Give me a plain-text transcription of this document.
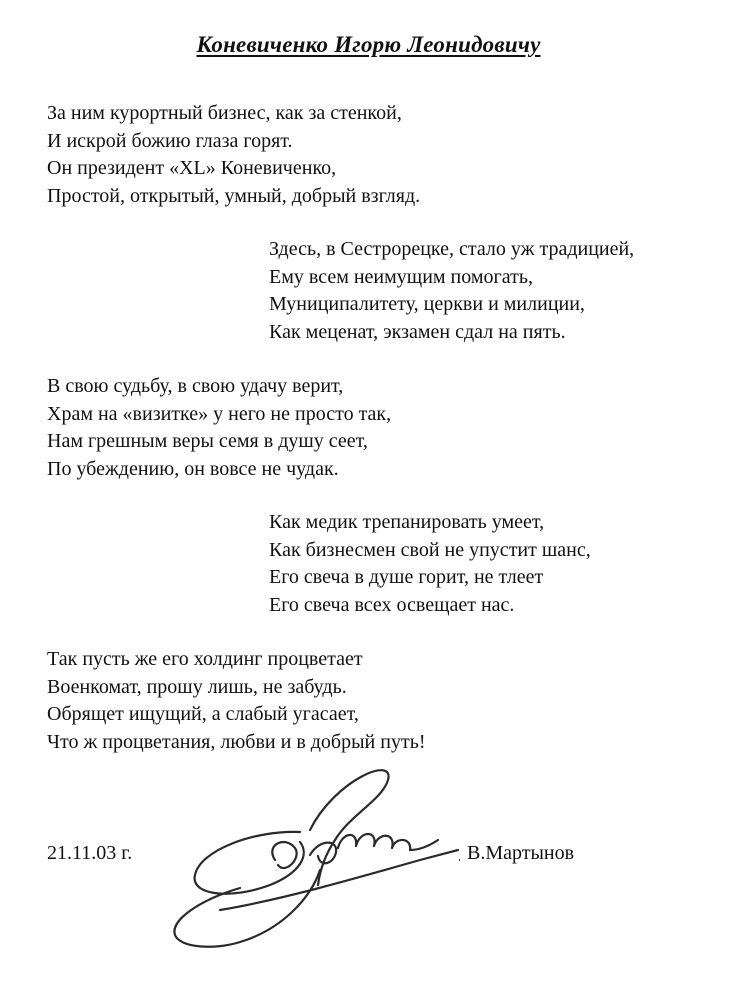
Коневиченко Игорю Леонидовичу
За ним курортный бизнес, как за стенкой,
И искрой божию глаза горят.
Он президент «XL» Коневиченко,
Простой, открытый, умный, добрый взгляд.
Здесь, в Сестрорецке, стало уж традицией,
Ему всем неимущим помогать,
Муниципалитету, церкви и милиции,
Как меценат, экзамен сдал на пять.
В свою судьбу, в свою удачу верит,
Храм на «визитке» у него не просто так,
Нам грешным веры семя в душу сеет,
По убеждению, он вовсе не чудак.
Как медик трепанировать умеет,
Как бизнесмен свой не упустит шанс,
Его свеча в душе горит, не тлеет
Его свеча всех освещает нас.
Так пусть же его холдинг процветает
Военкомат, прошу лишь, не забудь.
Обрящет ищущий, а слабый угасает,
Что ж процветания, любви и в добрый путь!
21.11.03 г.	В.Мартынов
